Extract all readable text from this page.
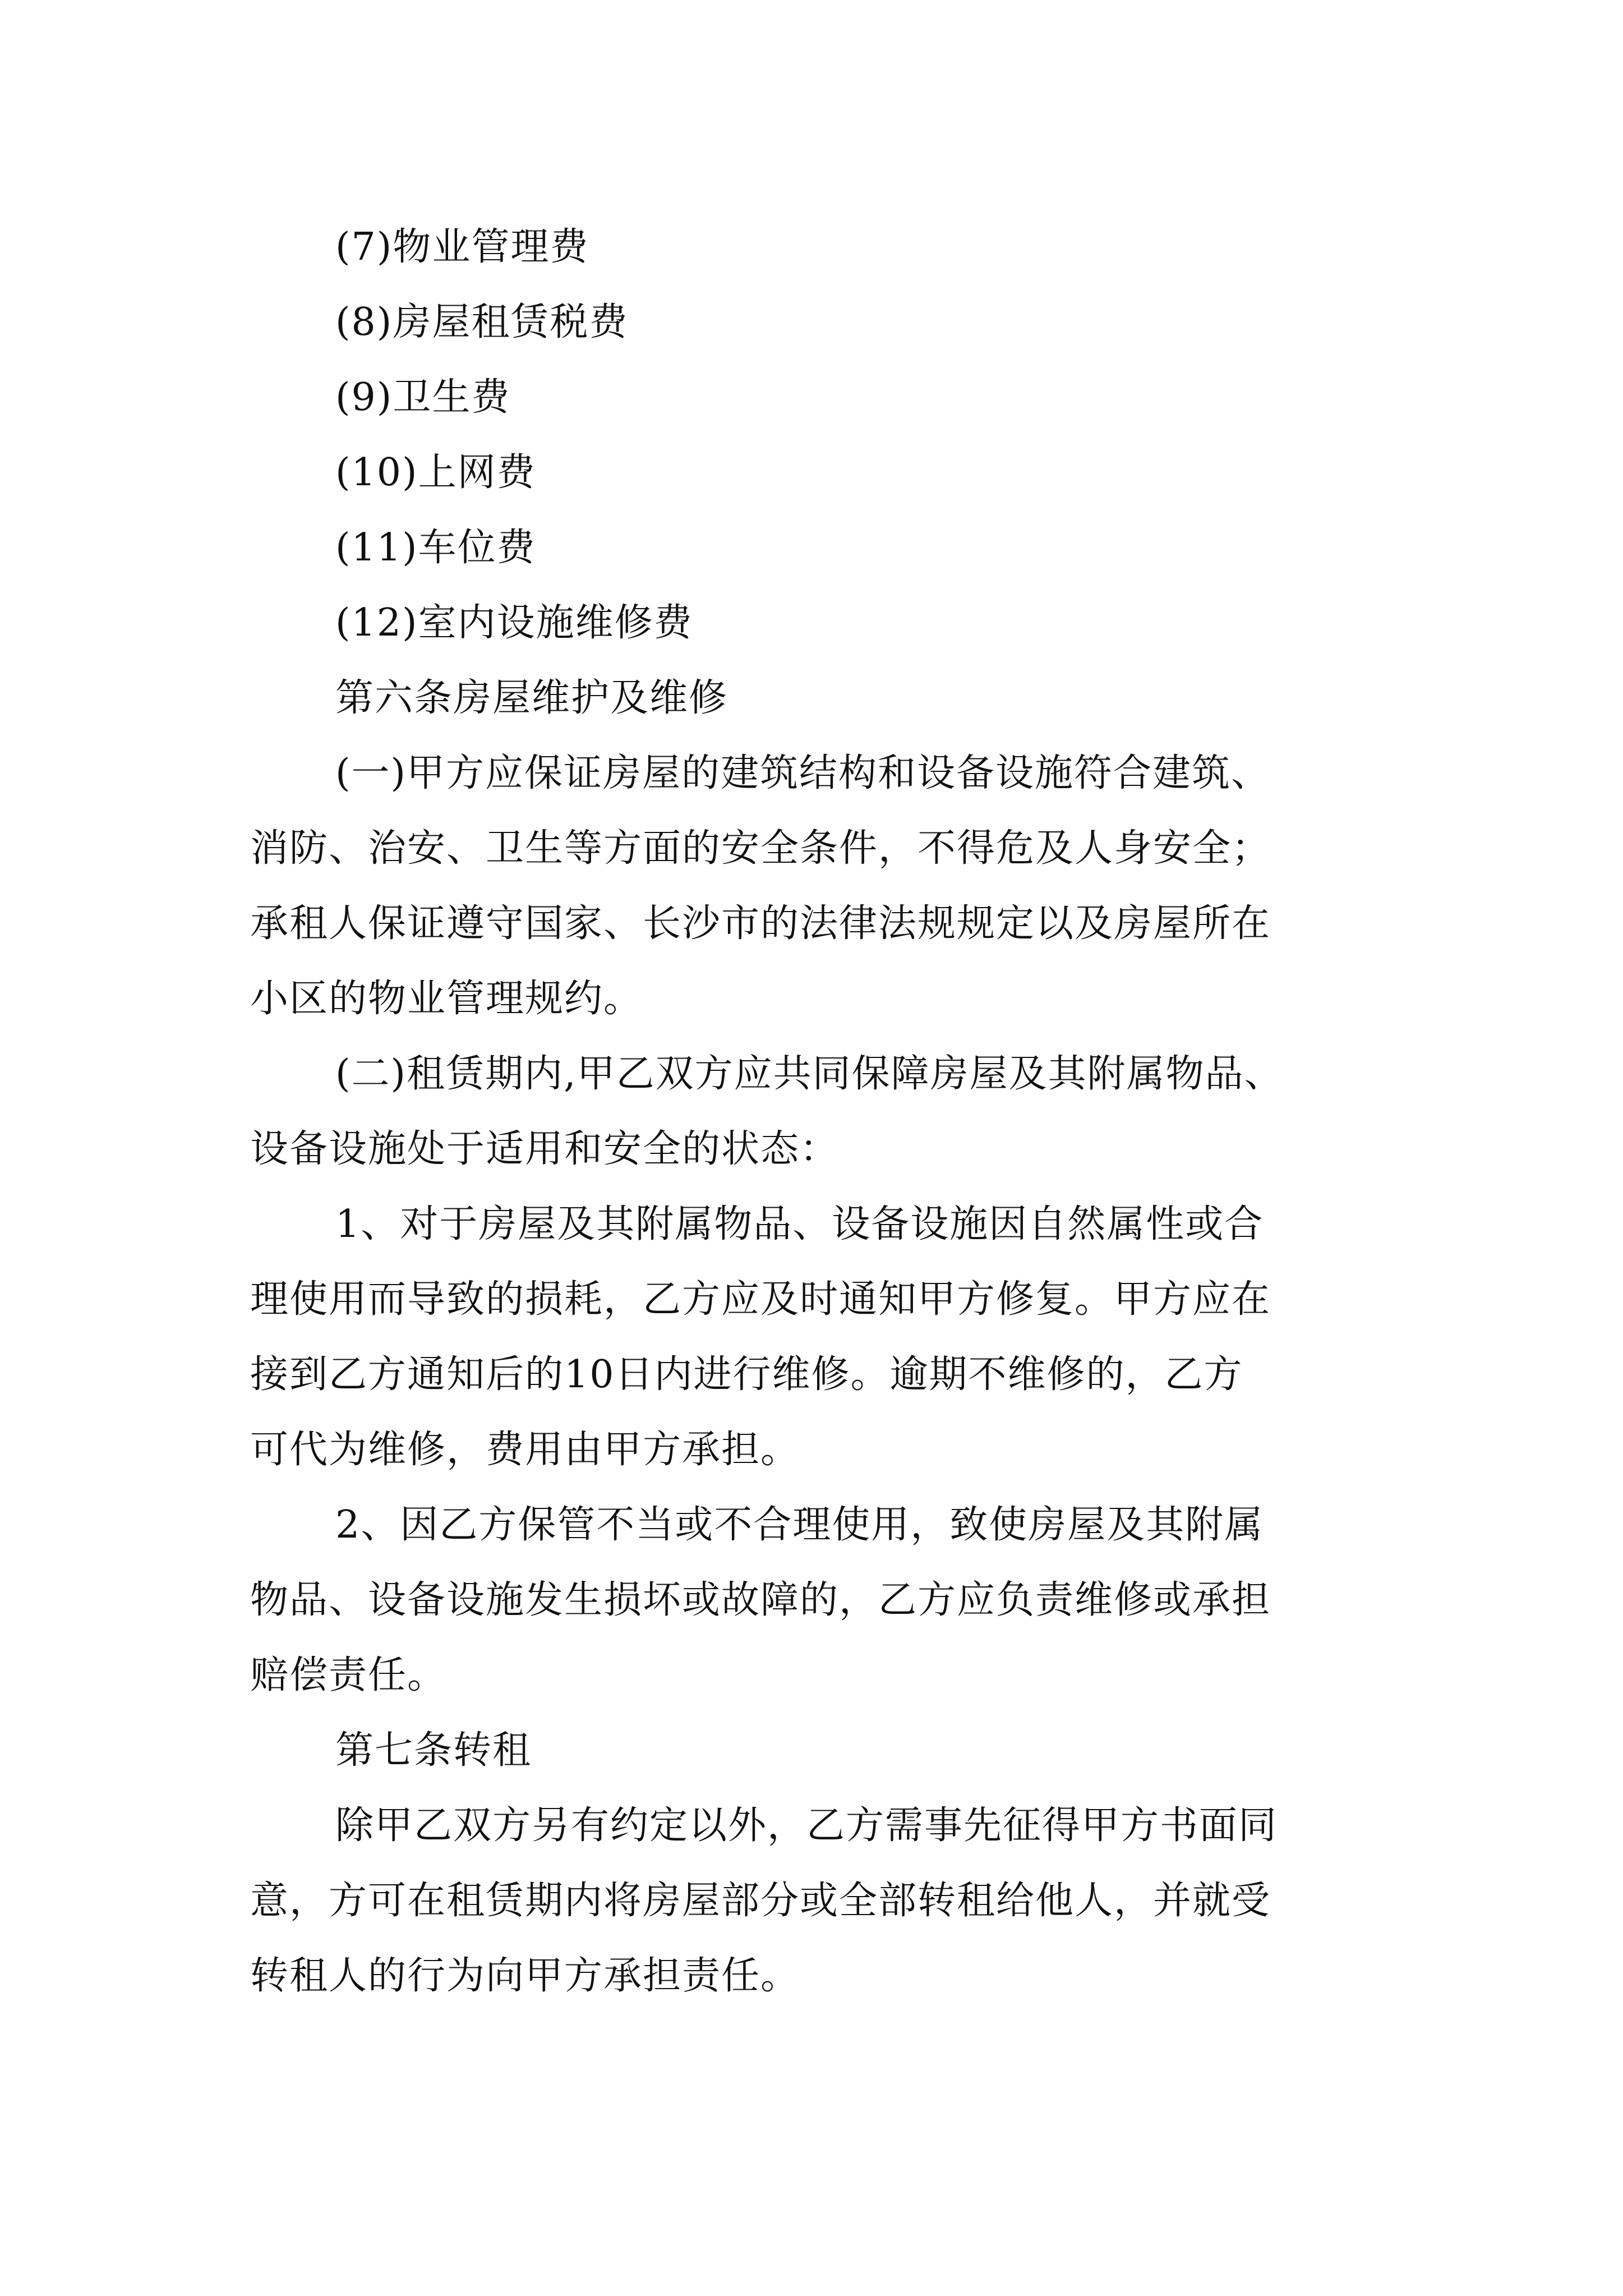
(7)物业管理费
(8)房屋租赁税费
(9)卫生费
(10)上网费
(11)车位费
(12)室内设施维修费
第六条房屋维护及维修
(一)甲方应保证房屋的建筑结构和设备设施符合建筑、
消防、治安、卫生等方面的安全条件，不得危及人身安全；
承租人保证遵守国家、长沙市的法律法规规定以及房屋所在
小区的物业管理规约。
(二)租赁期内,甲乙双方应共同保障房屋及其附属物品、
设备设施处于适用和安全的状态：
1、对于房屋及其附属物品、设备设施因自然属性或合
理使用而导致的损耗，乙方应及时通知甲方修复。甲方应在
接到乙方通知后的10日内进行维修。逾期不维修的，乙方
可代为维修，费用由甲方承担。
2、因乙方保管不当或不合理使用，致使房屋及其附属
物品、设备设施发生损坏或故障的，乙方应负责维修或承担
赔偿责任。
第七条转租
除甲乙双方另有约定以外，乙方需事先征得甲方书面同
意，方可在租赁期内将房屋部分或全部转租给他人，并就受
转租人的行为向甲方承担责任。
